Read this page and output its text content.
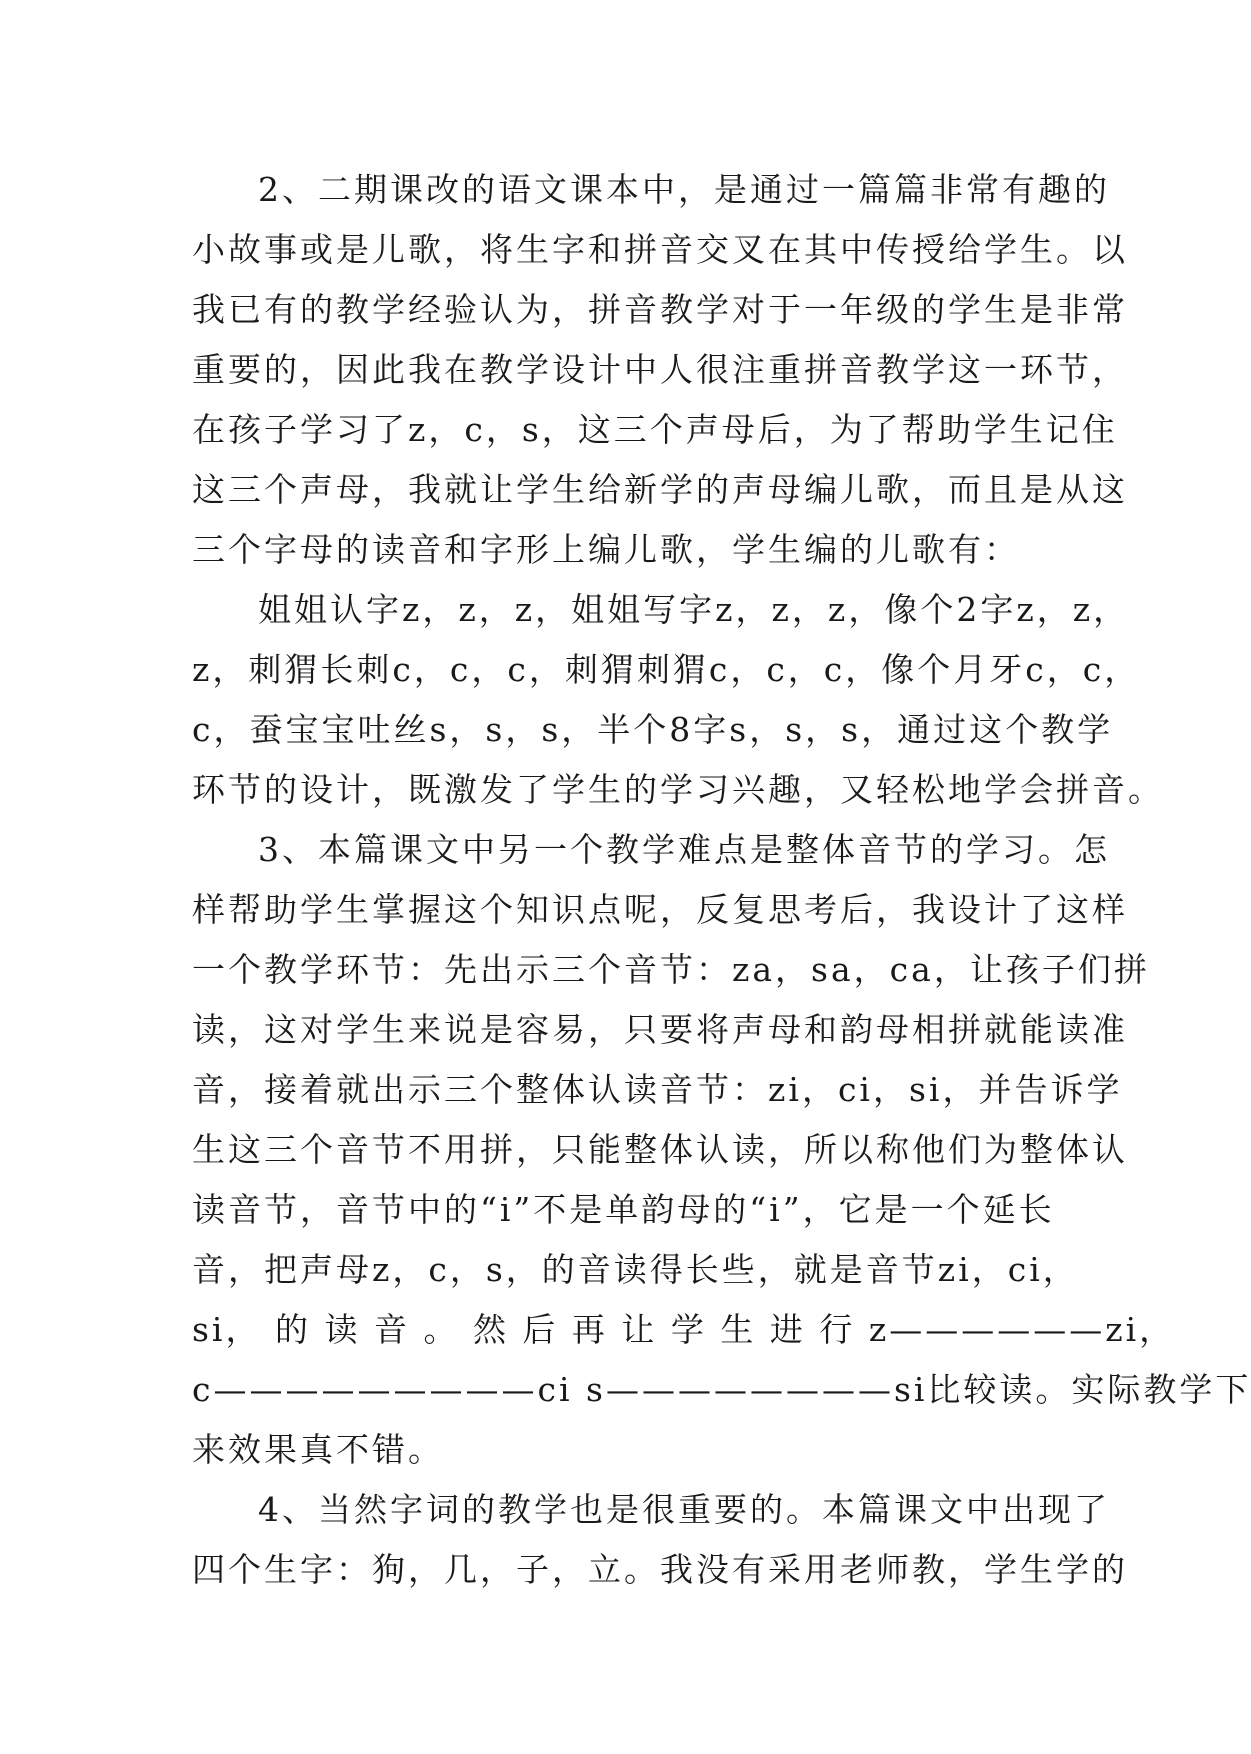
2、二期课改的语文课本中，是通过一篇篇非常有趣的
小故事或是儿歌，将生字和拼音交叉在其中传授给学生。以
我已有的教学经验认为，拼音教学对于一年级的学生是非常
重要的，因此我在教学设计中人很注重拼音教学这一环节，
在孩子学习了z，c，s，这三个声母后，为了帮助学生记住
这三个声母，我就让学生给新学的声母编儿歌，而且是从这
三个字母的读音和字形上编儿歌，学生编的儿歌有：
姐姐认字z，z，z，姐姐写字z，z，z，像个2字z，z，
z，刺猬长刺c，c，c，刺猬刺猬c，c，c，像个月牙c，c，
c，蚕宝宝吐丝s，s，s，半个8字s，s，s，通过这个教学
环节的设计，既激发了学生的学习兴趣，又轻松地学会拼音。
3、本篇课文中另一个教学难点是整体音节的学习。怎
样帮助学生掌握这个知识点呢，反复思考后，我设计了这样
一个教学环节：先出示三个音节：za，sa，ca，让孩子们拼
读，这对学生来说是容易，只要将声母和韵母相拼就能读准
音，接着就出示三个整体认读音节：zi，ci，si，并告诉学
生这三个音节不用拼，只能整体认读，所以称他们为整体认
读音节，音节中的“i”不是单韵母的“i”，它是一个延长
音，把声母z，c，s，的音读得长些，就是音节zi，ci，
si， 的 读 音 。 然 后 再 让 学 生 进 行 z——————zi，
c—————————ci s————————si比较读。实际教学下
来效果真不错。
4、当然字词的教学也是很重要的。本篇课文中出现了
四个生字：狗，几，子，立。我没有采用老师教，学生学的
